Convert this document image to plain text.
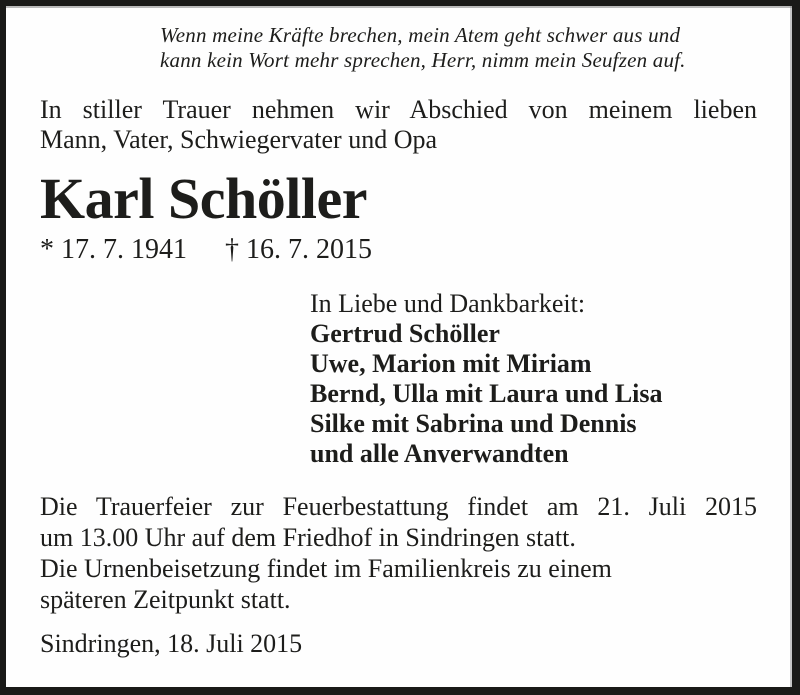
Wenn meine Kräfte brechen, mein Atem geht schwer aus und
kann kein Wort mehr sprechen, Herr, nimm mein Seufzen auf.
In stiller Trauer nehmen wir Abschied von meinem lieben
Mann, Vater, Schwiegervater und Opa
Karl Schöller
* 17. 7. 1941 † 16. 7. 2015
In Liebe und Dankbarkeit:
Gertrud Schöller
Uwe, Marion mit Miriam
Bernd, Ulla mit Laura und Lisa
Silke mit Sabrina und Dennis
und alle Anverwandten
Die Trauerfeier zur Feuerbestattung findet am 21. Juli 2015
um 13.00 Uhr auf dem Friedhof in Sindringen statt.
Die Urnenbeisetzung findet im Familienkreis zu einem
späteren Zeitpunkt statt.
Sindringen, 18. Juli 2015
